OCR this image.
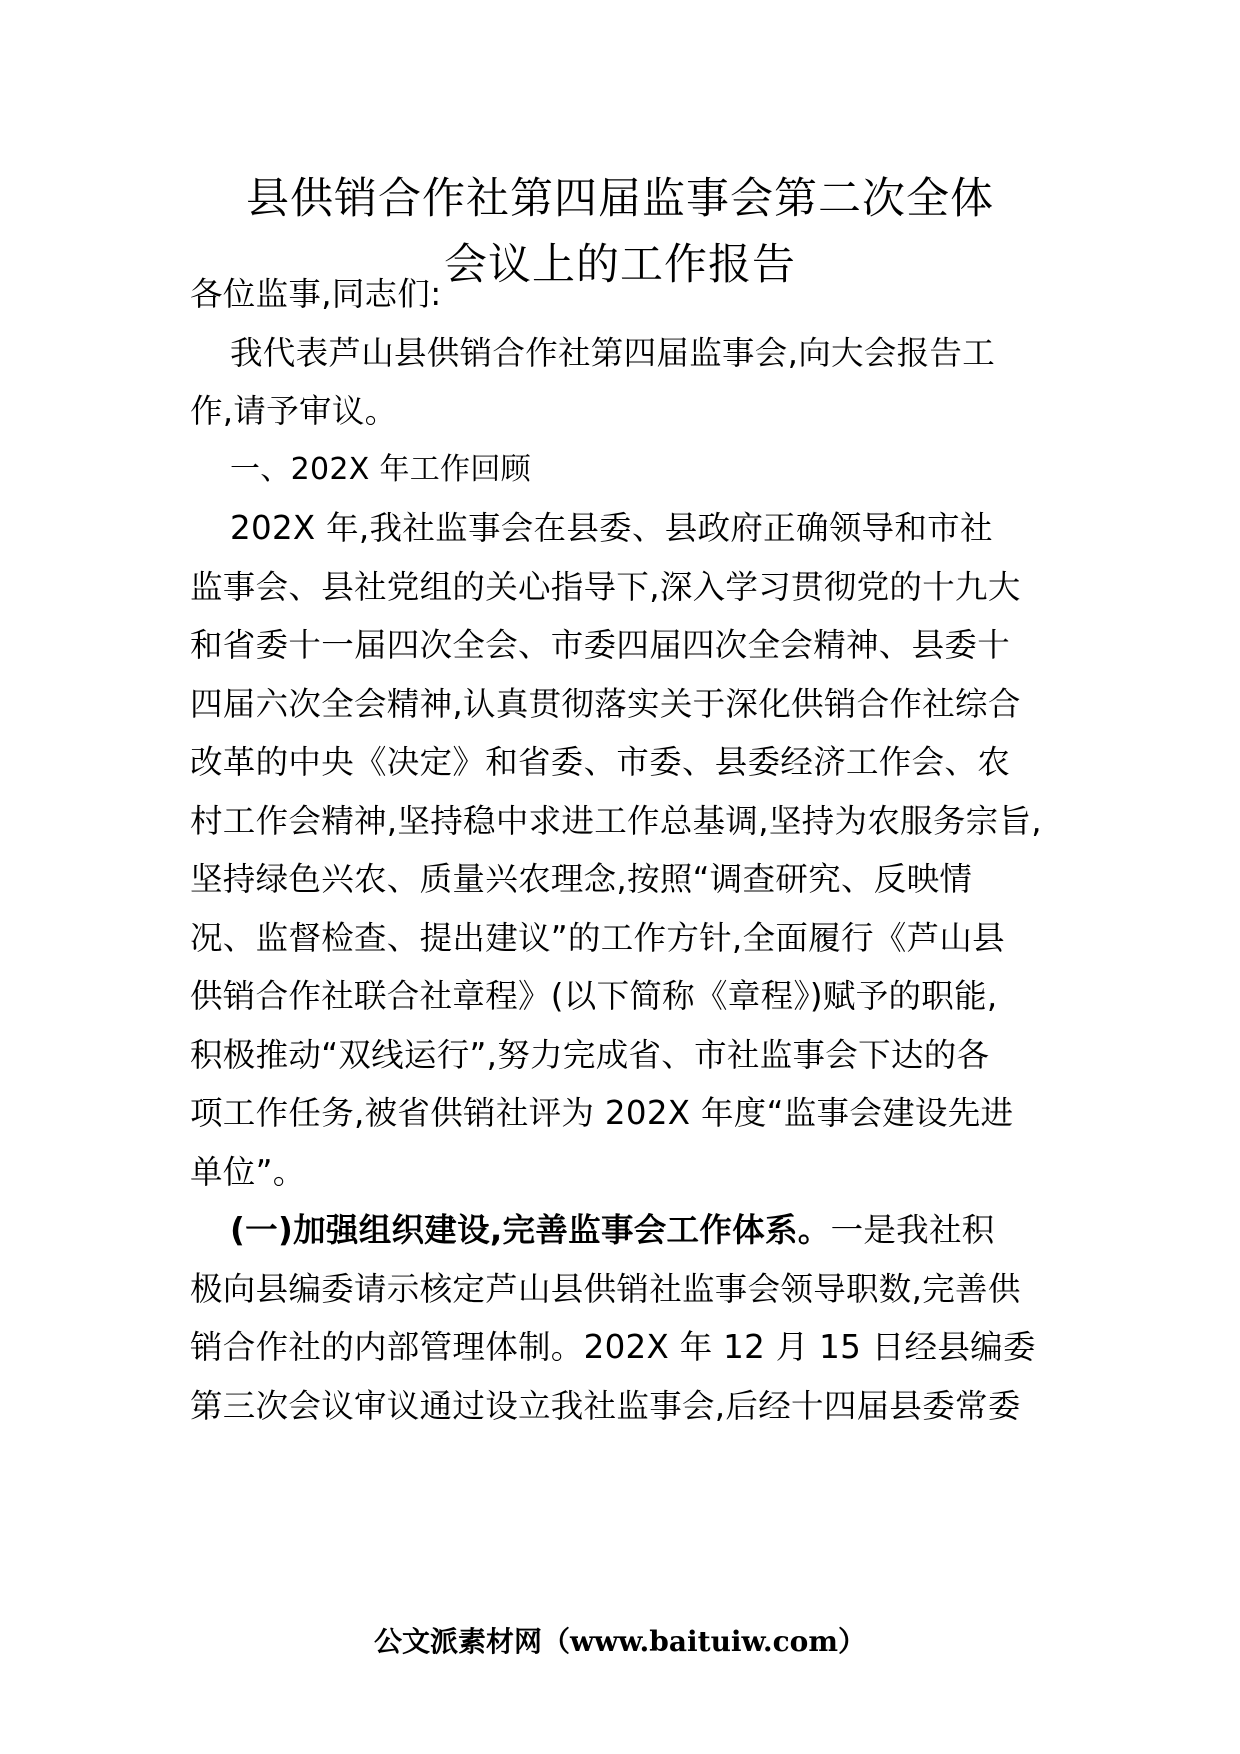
县供销合作社第四届监事会第二次全体
会议上的工作报告
各位监事,同志们:
我代表芦山县供销合作社第四届监事会,向大会报告工
作,请予审议。
一、202X 年工作回顾
202X 年,我社监事会在县委、县政府正确领导和市社
监事会、县社党组的关心指导下,深入学习贯彻党的十九大
和省委十一届四次全会、市委四届四次全会精神、县委十
四届六次全会精神,认真贯彻落实关于深化供销合作社综合
改革的中央《决定》和省委、市委、县委经济工作会、农
村工作会精神,坚持稳中求进工作总基调,坚持为农服务宗旨,
坚持绿色兴农、质量兴农理念,按照“调查研究、反映情
况、监督检查、提出建议”的工作方针,全面履行《芦山县
供销合作社联合社章程》(以下简称《章程》)赋予的职能,
积极推动“双线运行”,努力完成省、市社监事会下达的各
项工作任务,被省供销社评为 202X 年度“监事会建设先进
单位”。
(一)加强组织建设,完善监事会工作体系。一是我社积
极向县编委请示核定芦山县供销社监事会领导职数,完善供
销合作社的内部管理体制。202X 年 12 月 15 日经县编委
第三次会议审议通过设立我社监事会,后经十四届县委常委
公文派素材网（www.baituiw.com）
